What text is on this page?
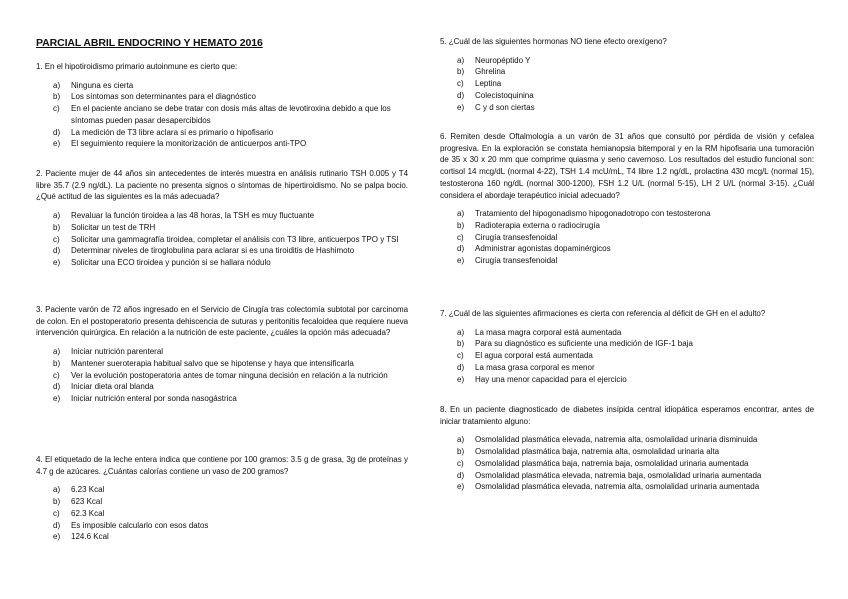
PARCIAL ABRIL ENDOCRINO Y HEMATO 2016

1. En el hipotiroidismo primario autoinmune es cierto que:

a) Ninguna es cierta
b) Los síntomas son determinantes para el diagnóstico
c) En el paciente anciano se debe tratar con dosis más altas de levotiroxina debido a que los síntomas pueden pasar desapercibidos
d) La medición de T3 libre aclara si es primario o hipofisario
e) El seguimiento requiere la monitorización de anticuerpos anti-TPO

2. Paciente mujer de 44 años sin antecedentes de interés muestra en análisis rutinario TSH 0.005 y T4 libre 35.7 (2.9 ng/dL). La paciente no presenta signos o síntomas de hipertiroidismo. No se palpa bocio. ¿Qué actitud de las siguientes es la más adecuada?

a) Revaluar la función tiroidea a las 48 horas, la TSH es muy fluctuante
b) Solicitar un test de TRH
c) Solicitar una gammagrafía tiroidea, completar el análisis con T3 libre, anticuerpos TPO y TSI
d) Determinar niveles de tiroglobulina para aclarar si es una tiroiditis de Hashimoto
e) Solicitar una ECO tiroidea y punción si se hallara nódulo

3. Paciente varón de 72 años ingresado en el Servicio de Cirugía tras colectomía subtotal por carcinoma de colon. En el postoperatorio presenta dehiscencia de suturas y peritonitis fecaloidea que requiere nueva intervención quirúrgica. En relación a la nutrición de este paciente, ¿cuáles la opción más adecuada?

a) Iniciar nutrición parenteral
b) Mantener sueroterapia habitual salvo que se hipotense y haya que intensificarla
c) Ver la evolución postoperatoria antes de tomar ninguna decisión en relación a la nutrición
d) Iniciar dieta oral blanda
e) Iniciar nutrición enteral por sonda nasogástrica

4. El etiquetado de la leche entera indica que contiene por 100 gramos: 3.5 g de grasa, 3g de proteínas y 4.7 g de azúcares. ¿Cuántas calorías contiene un vaso de 200 gramos?

a) 6.23 Kcal
b) 623 Kcal
c) 62.3 Kcal
d) Es imposible calcularlo con esos datos
e) 124.6 Kcal

5. ¿Cuál de las siguientes hormonas NO tiene efecto orexígeno?

a) Neuropéptido Y
b) Ghrelina
c) Leptina
d) Colecistoquinina
e) C y d son ciertas

6. Remiten desde Oftalmología a un varón de 31 años que consultó por pérdida de visión y cefalea progresiva. En la exploración se constata hemianopsia bitemporal y en la RM hipofisaria una tumoración de 35 x 30 x 20 mm que comprime quiasma y seno cavernoso. Los resultados del estudio funcional son: cortisol 14 mcg/dL (normal 4-22), TSH 1.4 mcU/mL, T4 libre 1.2 ng/dL, prolactina 430 mcg/L (normal 15), testosterona 160 ng/dL (normal 300-1200), FSH 1.2 U/L (normal 5-15), LH 2 U/L (normal 3-15). ¿Cuál considera el abordaje terapéutico inicial adecuado?

a) Tratamiento del hipogonadismo hipogonadotropo con testosterona
b) Radioterapia externa o radiocirugía
c) Cirugía transesfenoidal
d) Administrar agonistas dopaminérgicos
e) Cirugía transesfenoidal

7. ¿Cuál de las siguientes afirmaciones es cierta con referencia al déficit de GH en el adulto?

a) La masa magra corporal está aumentada
b) Para su diagnóstico es suficiente una medición de IGF-1 baja
c) El agua corporal está aumentada
d) La masa grasa corporal es menor
e) Hay una menor capacidad para el ejercicio

8. En un paciente diagnosticado de diabetes insípida central idiopática esperamos encontrar, antes de iniciar tratamiento alguno:

a) Osmolalidad plasmática elevada, natremia alta, osmolalidad urinaria disminuida
b) Osmolalidad plasmática baja, natremia alta, osmolalidad urinaria alta
c) Osmolalidad plasmática baja, natremia baja, osmolalidad urinaria aumentada
d) Osmolalidad plasmática elevada, natremia baja, osmolalidad urinaria aumentada
e) Osmolalidad plasmática elevada, natremia alta, osmolalidad urinaria aumentada
